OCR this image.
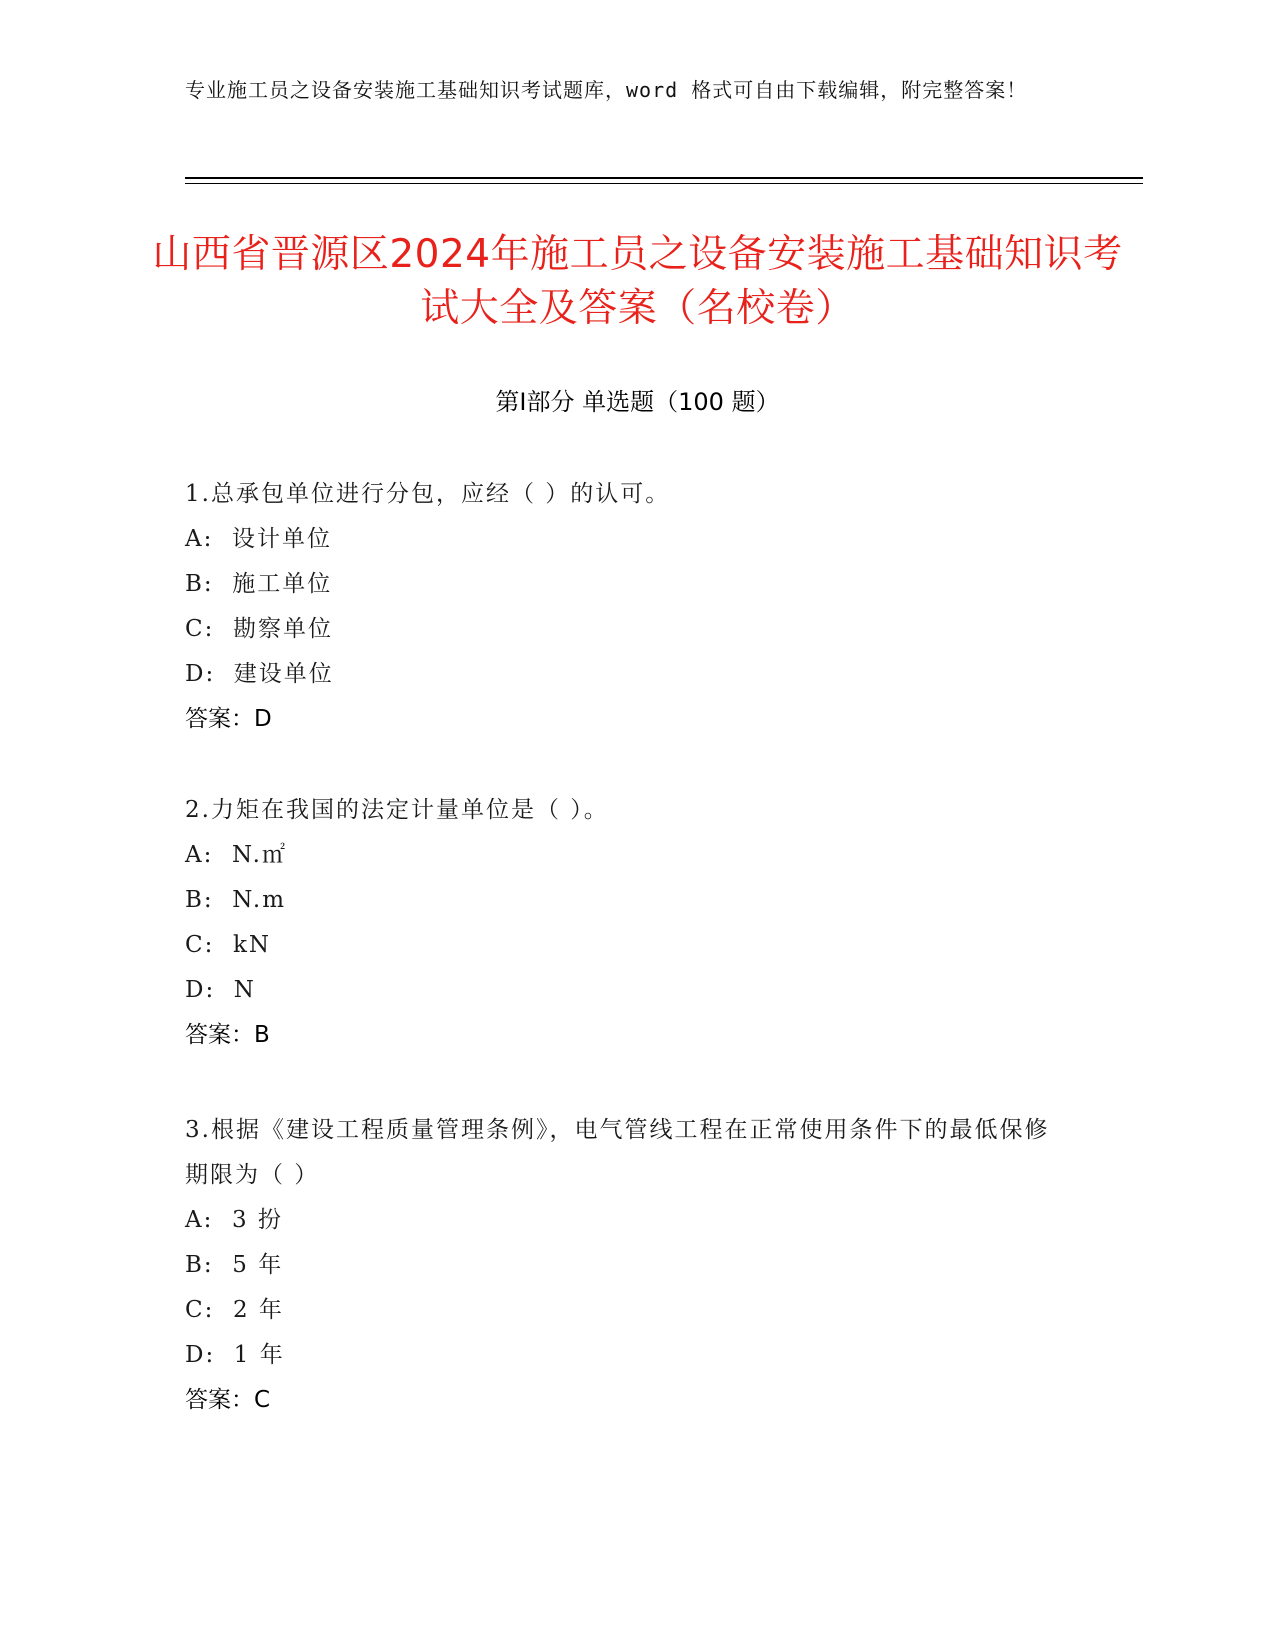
专业施工员之设备安装施工基础知识考试题库，word 格式可自由下载编辑，附完整答案！
山西省晋源区2024年施工员之设备安装施工基础知识考试大全及答案（名校卷）
第Ⅰ部分 单选题（100 题）
1.总承包单位进行分包，应经（ ）的认可。
A:  设计单位
B:  施工单位
C:  勘察单位
D:  建设单位
答案：D
2.力矩在我国的法定计量单位是（ ）。
A:  N.㎡
B:  N.m
C:  kN
D:  N
答案：B
3.根据《建设工程质量管理条例》，电气管线工程在正常使用条件下的最低保修期限为（ ）
A:  3 扮
B:  5 年
C:  2 年
D:  1 年
答案：C
